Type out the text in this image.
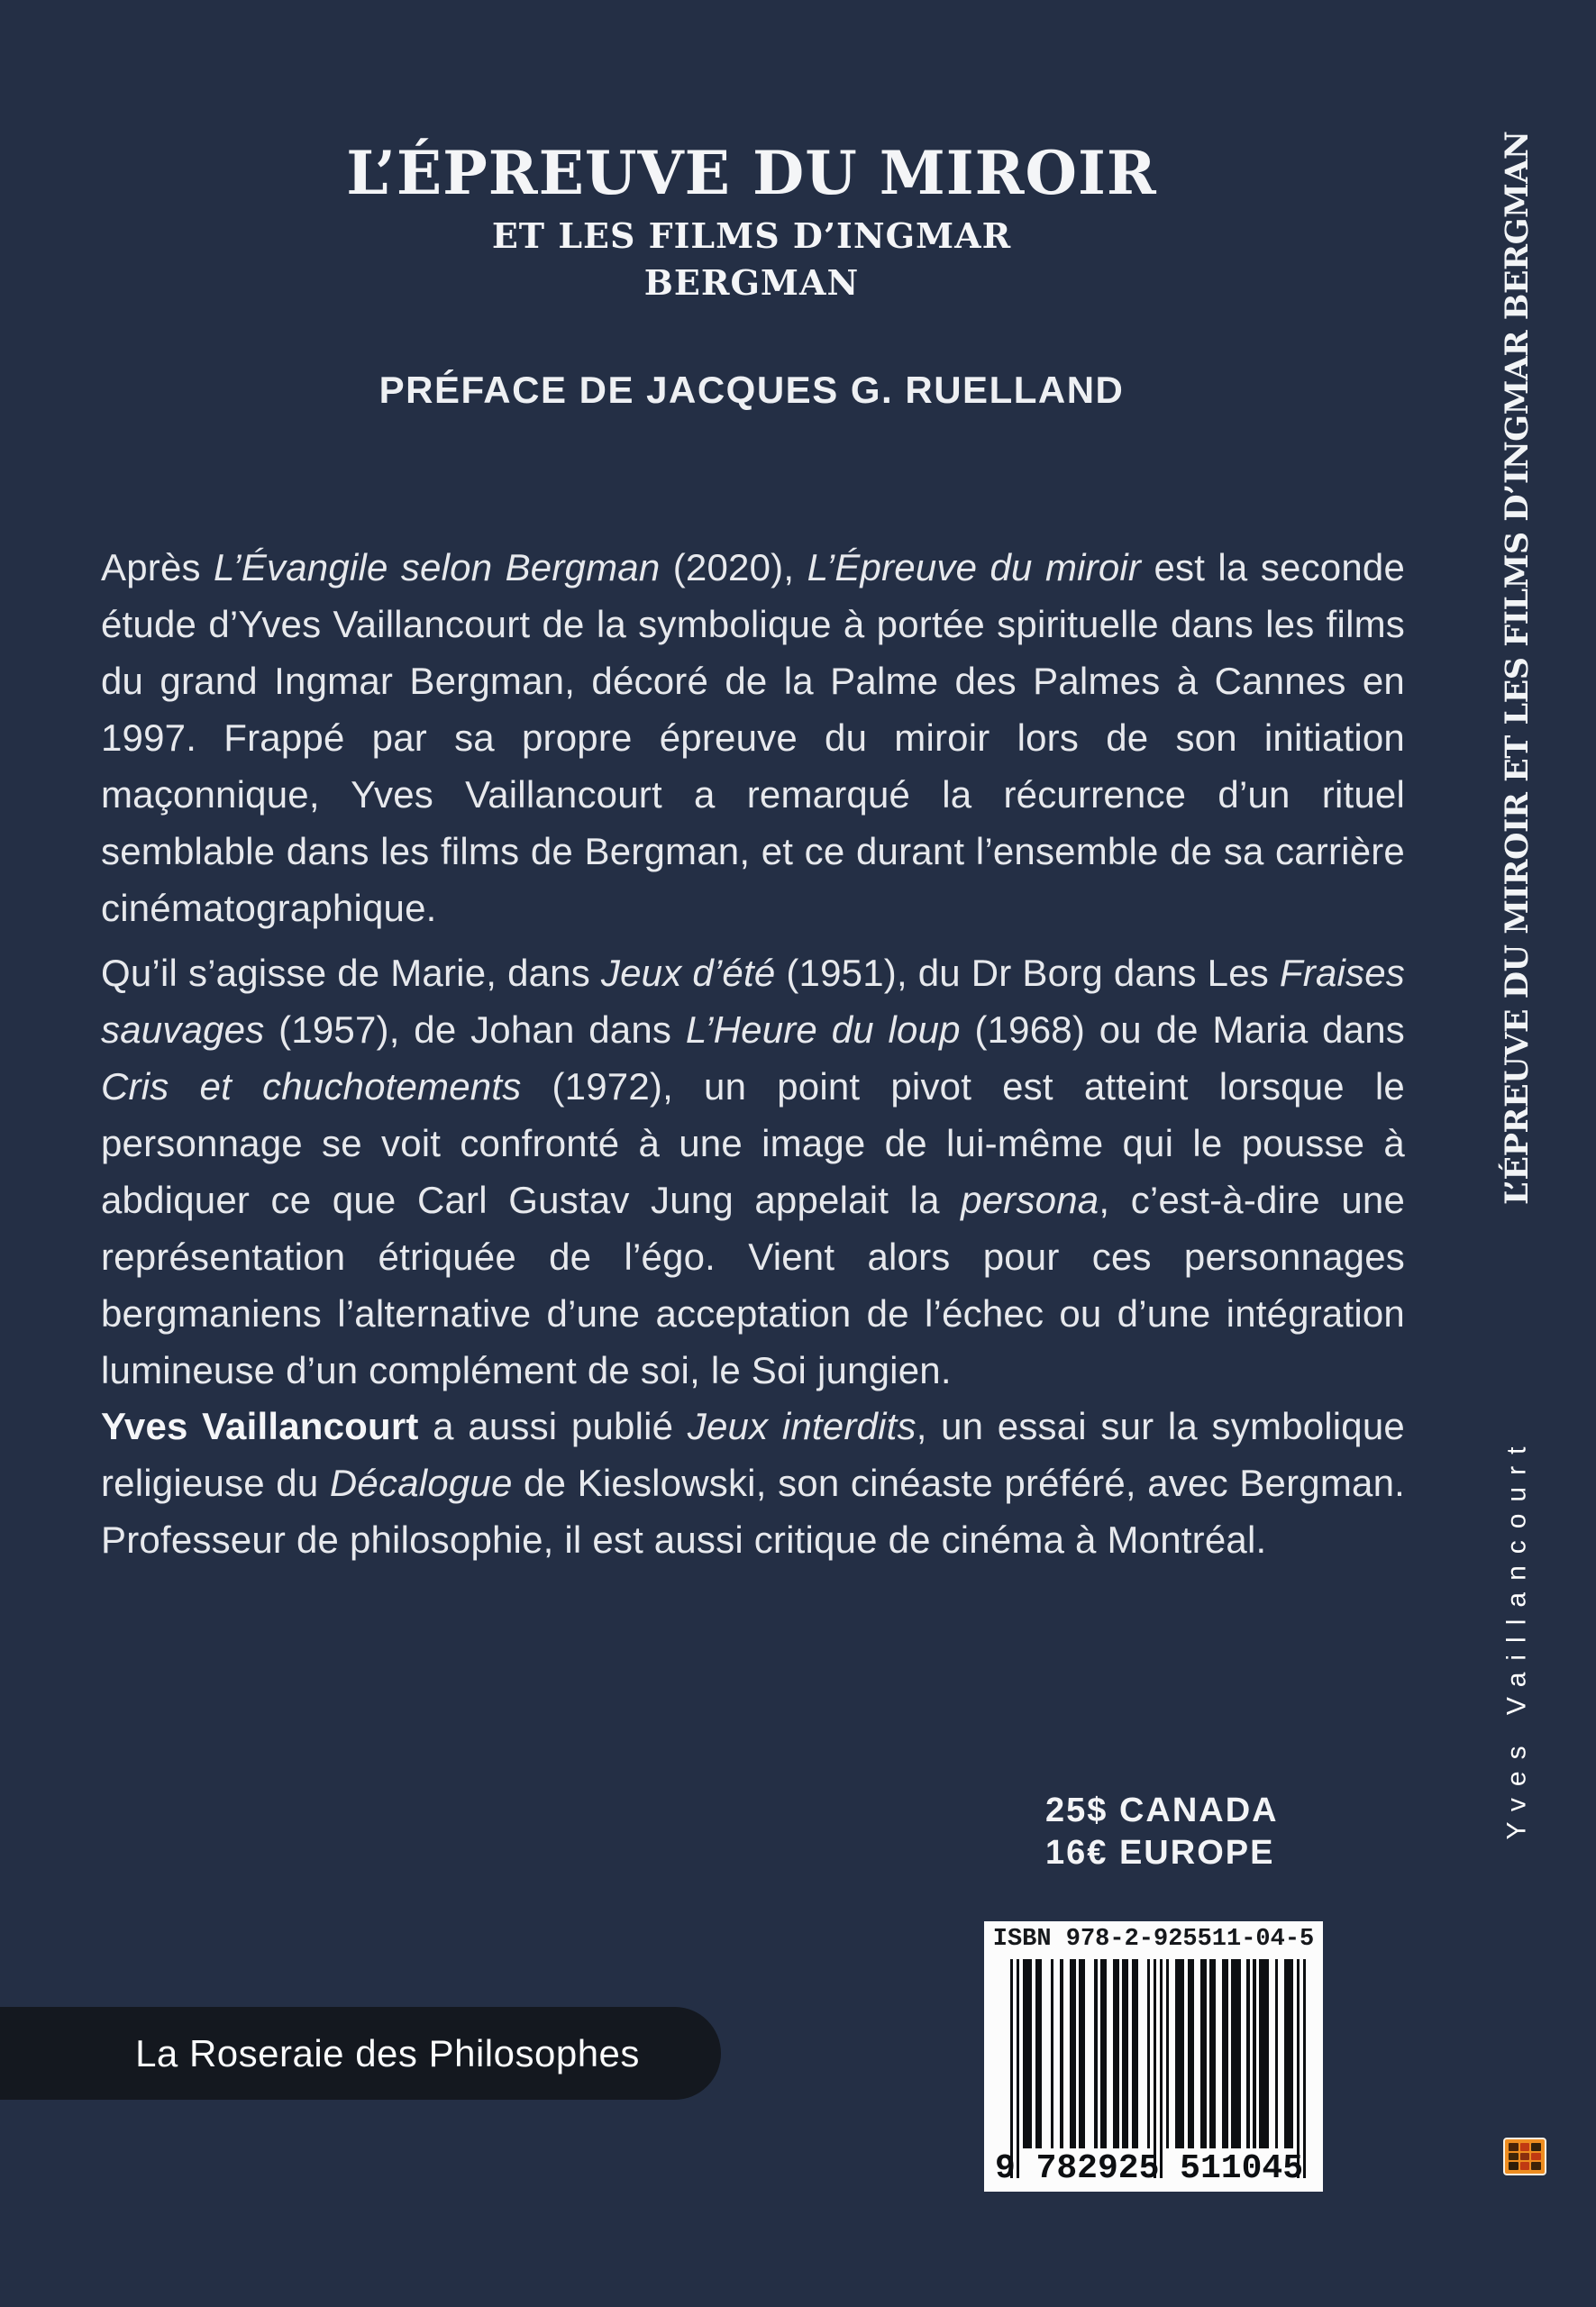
L’ÉPREUVE DU MIROIR
ET LES FILMS D’INGMAR
BERGMAN
PRÉFACE DE JACQUES G. RUELLAND

Après L’Évangile selon Bergman (2020), L’Épreuve du miroir est la seconde étude d’Yves Vaillancourt de la symbolique à portée spirituelle dans les films du grand Ingmar Bergman, décoré de la Palme des Palmes à Cannes en 1997. Frappé par sa propre épreuve du miroir lors de son initiation maçonnique, Yves Vaillancourt a remarqué la récurrence d’un rituel semblable dans les films de Bergman, et ce durant l’ensemble de sa carrière cinématographique.

Qu’il s’agisse de Marie, dans Jeux d’été (1951), du Dr Borg dans Les Fraises sauvages (1957), de Johan dans L’Heure du loup (1968) ou de Maria dans Cris et chuchotements (1972), un point pivot est atteint lorsque le personnage se voit confronté à une image de lui-même qui le pousse à abdiquer ce que Carl Gustav Jung appelait la persona, c’est-à-dire une représentation étriquée de l’égo. Vient alors pour ces personnages bergmaniens l’alternative d’une acceptation de l’échec ou d’une intégration lumineuse d’un complément de soi, le Soi jungien.

Yves Vaillancourt a aussi publié Jeux interdits, un essai sur la symbolique religieuse du Décalogue de Kieslowski, son cinéaste préféré, avec Bergman. Professeur de philosophie, il est aussi critique de cinéma à Montréal.

25$ CANADA
16€ EUROPE
ISBN 978-2-925511-04-5
9 782925 511045
La Roseraie des Philosophes
L’ÉPREUVE DU MIROIR ET LES FILMS D’INGMAR BERGMAN
Yves Vaillancourt
